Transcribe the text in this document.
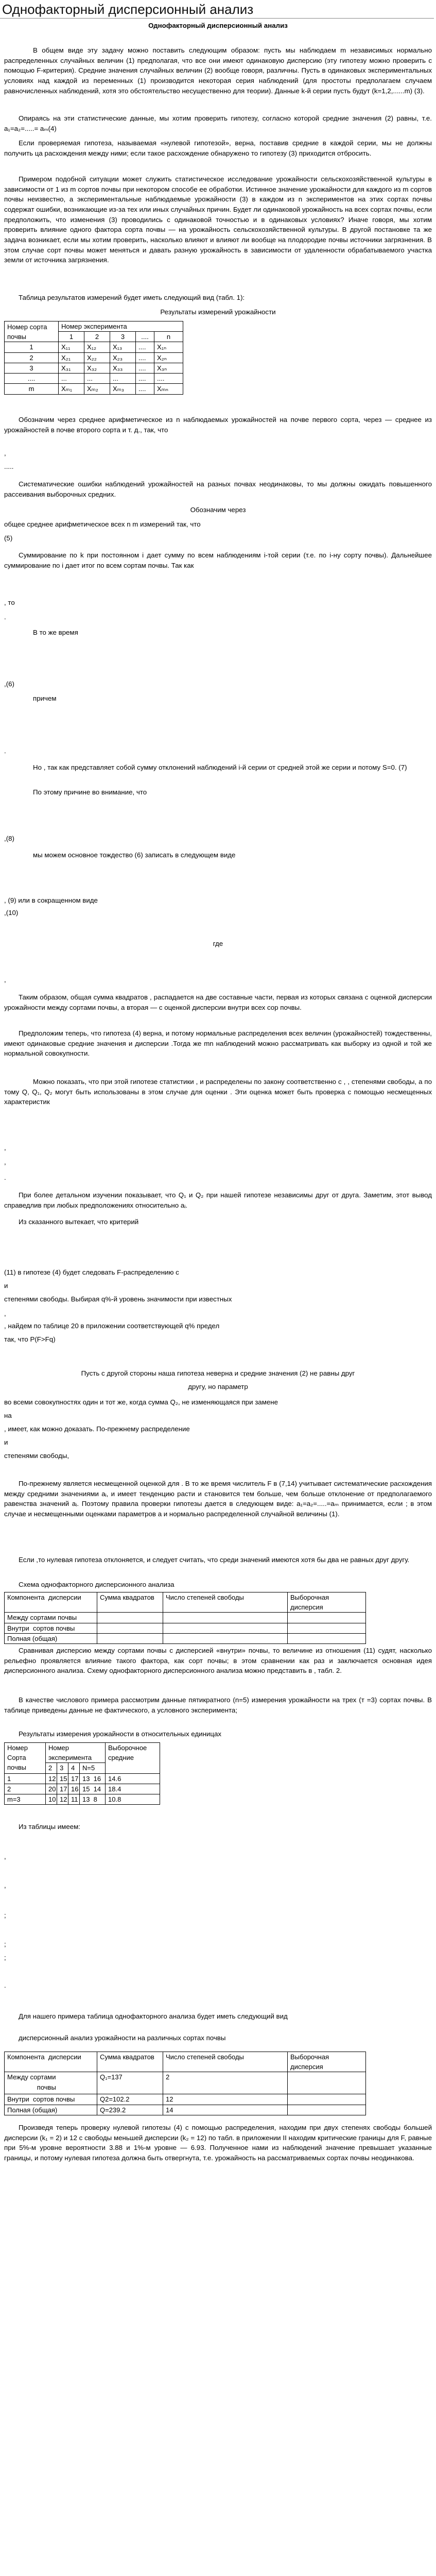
Однофакторный дисперсионный анализ
Однофакторный дисперсионный анализ

В общем виде эту задачу можно поставить следующим образом: пусть мы наблюдаем m независимых нормально распределенных случайных величин (1) предполагая, что все они имеют одинаковую дисперсию (эту гипотезу можно проверить с помощью F-критерия). Средние значения случайных величин (2) вообще говоря, различны. Пусть в одинаковых экспериментальных условиях над каждой из переменных (1) производится некоторая серия наблюдений (для простоты предполагаем случаем равночисленных наблюдений, хотя это обстоятельство несущественно для теории). Данные k-й серии пусть будут (k=1,2,......m) (3).

Опираясь на эти статистические данные, мы хотим проверить гипотезу, согласно которой средние значения (2) равны, т.е. a₁=a₂=.....= aₘ(4)

Если проверяемая гипотеза, называемая «нулевой гипотезой», верна, поставив средние в каждой серии, мы не должны получить ца расхождения между ними; если такое расхождение обнаружено то гипотезу (3) приходится отбросить.

Примером подобной ситуации может служить статистическое исследование урожайности сельскохозяйственной культуры в зависимости от 1 из m сортов почвы при некотором способе ее обработки. Истинное значение урожайности для каждого из m сортов почвы неизвестно, а экспериментальные наблюдаемые урожайности (3) в каждом из n экспериментов на этих сортах почвы содержат ошибки, возникающие из-за тех или иных случайных причин. Будет ли одинаковой урожайность на всех сортах почвы, если предположить, что изменения (3) проводились с одинаковой точностью и в одинаковых условиях? Иначе говоря, мы хотим проверить влияние одного фактора сорта почвы — на урожайность сельскохозяйственной культуры. В другой постановке та же задача возникает, если мы хотим проверить, насколько влияют и влияют ли вообще на плодородие почвы источники загрязнения. В этом случае сорт почвы может меняться и давать разную урожайность в зависимости от удаленности обрабатываемого участка земли от источника загрязнения.

Таблица результатов измерений будет иметь следующий вид (табл. 1):

Результаты измерений урожайности
Номер сорта  почвы	Номер эксперимента				
	1	2	3	....	n
1	X₁₁	X₁₂	X₁₃	....	X₁ₙ
2	X₂₁	X₂₂	X₂₃	....	X₂ₙ
3	X₃₁	X₃₂	X₃₃	....	X₃ₙ
....	...	...	...	....	....
m	Xₘ₁	Xₘ₂	Xₘ₃	....	Xₘₙ

Обозначим через среднее арифметическое из n наблюдаемых урожайностей на почве первого сорта, через — среднее из урожайностей в почве второго сорта и т. д., так, что

,
.....

Систематические ошибки наблюдений урожайностей на разных почвах неодинаковы, то мы должны ожидать повышенного рассеивания выборочных средних.

Обозначим через
общее среднее арифметическое всех n m измерений так, что
(5)

Суммирование по k при постоянном i дает сумму по всем наблюдениям i-той серии (т.е. по i-ну сорту почвы). Дальнейшее суммирование по i дает итог по всем сортам почвы. Так как

, то
.
В то же время
,(6)
причем
.

Но , так как представляет собой сумму отклонений наблюдений i-й серии от средней этой же серии и потому S=0. (7)

По этому причине во внимание, что
,(8)
мы можем основное тождество (6) записать в следующем виде
, (9) или в сокращенном виде
,(10)
где
,

Таким образом, общая сумма квадратов , распадается на две составные части, первая из которых связана с оценкой дисперсии урожайности между сортами почвы, а вторая — с оценкой дисперсии внутри всех сор почвы.

Предположим теперь, что гипотеза (4) верна, и потому нормальные распределения всех величин (урожайностей) тождественны, имеют одинаковые средние значения и дисперсии .Тогда же mn наблюдений можно рассматривать как выборку из одной и той же нормальной совокупности.

Можно показать, что при этой гипотезе статистики , и распределены по закону соответственно с , , степенями свободы, а по тому Q, Q₁, Q₂ могут быть использованы в этом случае для оценки . Эти оценка может быть проверка с помощью несмещенных характеристик

,
,
.

При более детальном изучении показывает, что Q₁ и Q₂ при нашей гипотезе независимы друг от друга. Заметим, этот вывод справедлив при любых предположениях относительно aᵢ.

Из сказанного вытекает, что критерий
(11) в гипотезе (4) будет следовать F-распределению с
и
степенями свободы. Выбирая q%-й уровень значимости при известных
,
, найдем по таблице 20 в приложении соответствующей q% предел
так, что P(F>Fq)
Пусть с другой стороны наша гипотеза неверна и средние значения (2) не равны друг
другу, но параметр
во всеми совокупностях один и тот же, когда сумма Q₂, не изменяющаяся при замене
на
, имеет, как можно доказать. По-прежнему распределение
и
степенями свободы,

По-прежнему является несмещенной оценкой для . В то же время числитель F в (7,14) учитывает систематические расхождения между средними значениями aᵢ, и имеет тенденцию расти и становится тем больше, чем больше отклонение от предполагаемого равенства значений aᵢ. Поэтому правила проверки гипотезы дается в следующем виде: a₁=a₂=.....=aₘ принимается, если ; в этом случае и несмещенными оценками параметров a и нормально распределенной случайной величины (1).

Если ,то нулевая гипотеза отклоняется, и следует считать, что среди значений имеются хотя бы два не равных друг другу.

Схема однофакторного дисперсионного анализа
Компонента  дисперсии	Сумма квадратов	Число степеней свободы	Выборочная  дисперсия
Между сортами почвы			
Внутри  сортов почвы			
Полная (общая)			

Сравнивая дисперсию между сортами почвы с дисперсией «внутри» почвы, то величине из отношения (11) судят, насколько рельефно проявляется влияние такого фактора, как сорт почвы; в этом сравнении как раз и заключается основная идея дисперсионного анализа. Схему однофакторного дисперсионного анализа можно представить в , табл. 2.

В качестве числового примера рассмотрим данные пятикратного (n=5) измерения урожайности на трех (т =3) сортах почвы. В таблице приведены данные не фактического, а условного эксперимента;

Результаты измерения урожайности в относительных единицах
Номер Сорта почвы	Номер эксперимента				Выборочное  средние
	2	3	4	N=5	
1	12	15	17	13  16	14.6
2	20	17	16	15  14	18.4
m=3	10	12	11	13  8	10.8
Из таблицы имеем:
,
,
;
;
;
.
Для нашего примера таблица однофакторного анализа будет иметь следующий вид
дисперсионный анализ урожайности на различных сортах почвы
Компонента  дисперсии	Сумма квадратов	Число степеней свободы	Выборочная  дисперсия
Между сортами
почвы	Q₁=137	2	
Внутри  сортов почвы	Q2=102.2	12	
Полная (общая)	Q=239.2	14	

Произведя теперь проверку нулевой гипотезы (4) с помощью распределения, находим при двух степенях свободы большей дисперсии (k₁ = 2) и 12 с свободы меньшей дисперсии (k₂ = 12) по табл. в приложении II находим критические границы для F, равные при 5%-м уровне вероятности 3.88 и 1%-м уровне — 6.93. Полученное нами из наблюдений значение превышает указанные границы, и потому нулевая гипотеза должна быть отвергнута, т.е. урожайность на рассматриваемых сортах почвы неодинакова.
